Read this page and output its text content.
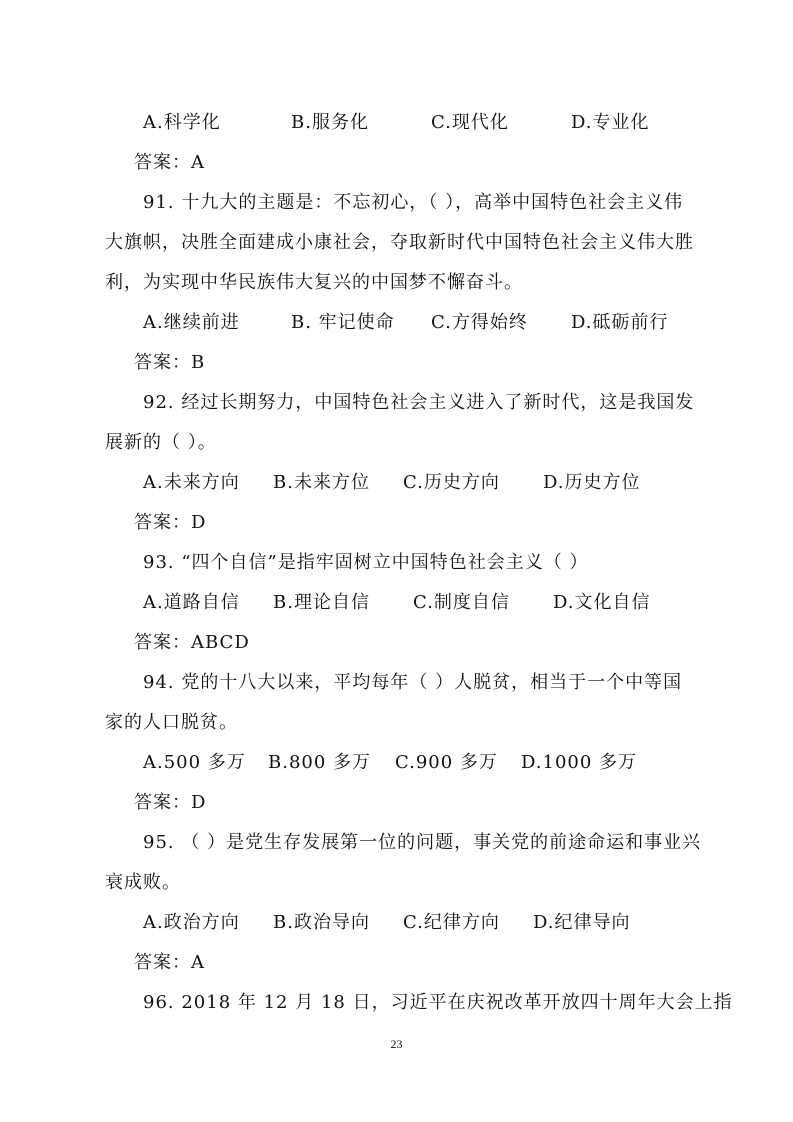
A.科学化	B.服务化	C.现代化	D.专业化
答案：A
91. 十九大的主题是：不忘初心，（ ），高举中国特色社会主义伟
大旗帜，决胜全面建成小康社会，夺取新时代中国特色社会主义伟大胜
利，为实现中华民族伟大复兴的中国梦不懈奋斗。
A.继续前进	B. 牢记使命 C.方得始终 D.砥砺前行
答案：B
92. 经过长期努力，中国特色社会主义进入了新时代，这是我国发
展新的（ ）。
A.未来方向 B.未来方位 C.历史方向 D.历史方位
答案：D
93. “四个自信”是指牢固树立中国特色社会主义（ ）
A.道路自信 B.理论自信 C.制度自信 D.文化自信
答案：ABCD
94. 党的十八大以来，平均每年（ ）人脱贫，相当于一个中等国
家的人口脱贫。
A.500 多万 B.800 多万 C.900 多万 D.1000 多万
答案：D
95. （ ）是党生存发展第一位的问题，事关党的前途命运和事业兴
衰成败。
A.政治方向 B.政治导向 C.纪律方向 D.纪律导向
答案：A
96. 2018 年 12 月 18 日，习近平在庆祝改革开放四十周年大会上指
23
